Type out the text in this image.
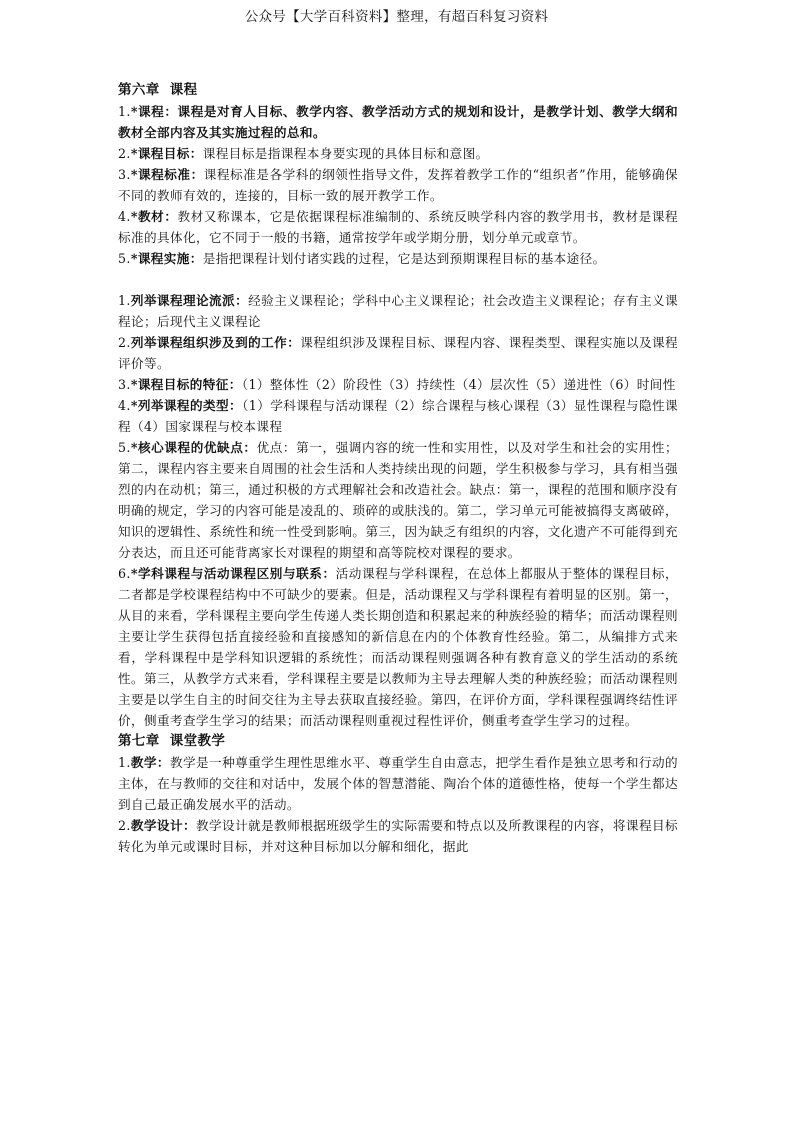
公众号【大学百科资料】整理，有超百科复习资料

第六章 课程

1.*课程：课程是对育人目标、教学内容、教学活动方式的规划和设计，是教学计划、教学大纲和教材全部内容及其实施过程的总和。

2.*课程目标：课程目标是指课程本身要实现的具体目标和意图。

3.*课程标准：课程标准是各学科的纲领性指导文件，发挥着教学工作的“组织者”作用，能够确保不同的教师有效的，连接的，目标一致的展开教学工作。

4.*教材：教材又称课本，它是依据课程标准编制的、系统反映学科内容的教学用书，教材是课程标准的具体化，它不同于一般的书籍，通常按学年或学期分册，划分单元或章节。

5.*课程实施：是指把课程计划付诸实践的过程，它是达到预期课程目标的基本途径。

1.列举课程理论流派：经验主义课程论；学科中心主义课程论；社会改造主义课程论；存有主义课程论；后现代主义课程论

2.列举课程组织涉及到的工作：课程组织涉及课程目标、课程内容、课程类型、课程实施以及课程评价等。

3.*课程目标的特征：（1）整体性（2）阶段性（3）持续性（4）层次性（5）递进性（6）时间性

4.*列举课程的类型：（1）学科课程与活动课程（2）综合课程与核心课程（3）显性课程与隐性课程（4）国家课程与校本课程

5.*核心课程的优缺点：优点：第一，强调内容的统一性和实用性，以及对学生和社会的实用性；第二，课程内容主要来自周围的社会生活和人类持续出现的问题，学生积极参与学习，具有相当强烈的内在动机；第三，通过积极的方式理解社会和改造社会。缺点：第一，课程的范围和顺序没有明确的规定，学习的内容可能是凌乱的、琐碎的或肤浅的。第二，学习单元可能被搞得支离破碎，知识的逻辑性、系统性和统一性受到影响。第三，因为缺乏有组织的内容，文化遗产不可能得到充分表达，而且还可能背离家长对课程的期望和高等院校对课程的要求。

6.*学科课程与活动课程区别与联系：活动课程与学科课程，在总体上都服从于整体的课程目标，二者都是学校课程结构中不可缺少的要素。但是，活动课程又与学科课程有着明显的区别。第一，从目的来看，学科课程主要向学生传递人类长期创造和积累起来的种族经验的精华；而活动课程则主要让学生获得包括直接经验和直接感知的新信息在内的个体教育性经验。第二，从编排方式来看，学科课程中是学科知识逻辑的系统性；而活动课程则强调各种有教育意义的学生活动的系统性。第三，从教学方式来看，学科课程主要是以教师为主导去理解人类的种族经验；而活动课程则主要是以学生自主的时间交往为主导去获取直接经验。第四，在评价方面，学科课程强调终结性评价，侧重考查学生学习的结果；而活动课程则重视过程性评价，侧重考查学生学习的过程。

第七章 课堂教学

1.教学：教学是一种尊重学生理性思维水平、尊重学生自由意志，把学生看作是独立思考和行动的主体，在与教师的交往和对话中，发展个体的智慧潜能、陶冶个体的道德性格，使每一个学生都达到自己最正确发展水平的活动。

2.教学设计：教学设计就是教师根据班级学生的实际需要和特点以及所教课程的内容，将课程目标转化为单元或课时目标，并对这种目标加以分解和细化，据此
